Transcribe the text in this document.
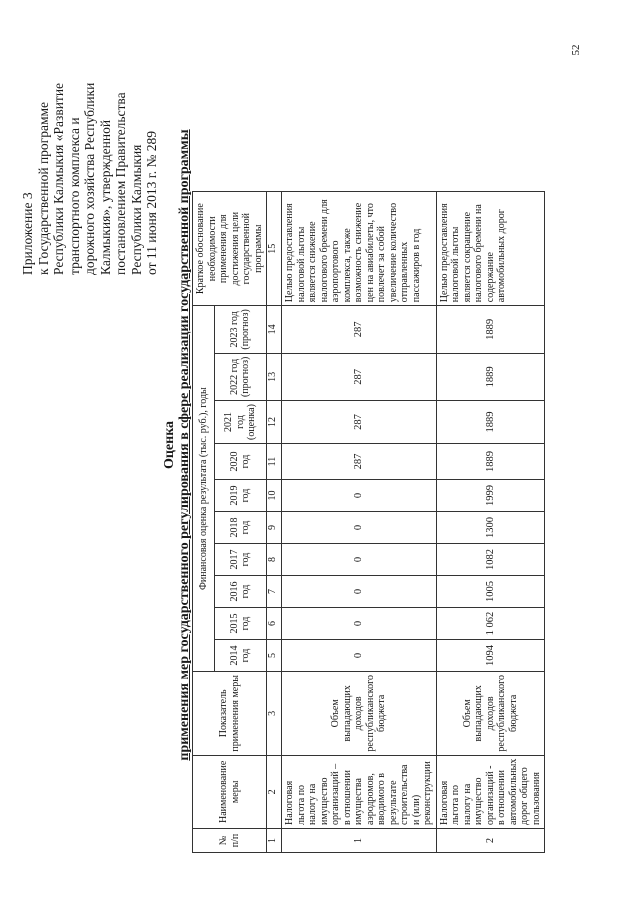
52
Приложение 3 к Государственной программе Республики Калмыкия «Развитие транспортного комплекса и дорожного хозяйства Республики Калмыкия», утвержденной постановлением Правительства Республики Калмыкия от 11 июня 2013 г. № 289
Оценка применения мер государственного регулирования в сфере реализации государственной программы
№ п/п	Наименование меры	Показатель применения меры	Финансовая оценка результата (тыс. руб.), годы										Краткое обоснование необходимости применения для достижения цели государственной программы
			2014 год	2015 год	2016 год	2017 год	2018 год	2019 год	2020 год	2021 год (оценка)	2022 год (прогноз)	2023 год (прогноз)	
1	2	3	5	6	7	8	9	10	11	12	13	14	15
1	Налоговая льгота по налогу на имущество организаций – в отношении имущества аэродромов, вводимого в результате строительства и (или) реконструкции	Объем выпадающих доходов республиканского бюджета	0	0	0	0	0	0	287	287	287	287	Целью предоставления налоговой льготы является снижение налогового бремени для аэропортового комплекса, также возможность снижение цен на авиабилеты, что повлечет за собой увеличение количество отправленных пассажиров в год
2	Налоговая льгота по налогу на имущество организаций - в отношении автомобильных дорог общего пользования	Объем выпадающих доходов республиканского бюджета	1094	1 062	1005	1082	1300	1999	1889	1889	1889	1889	Целью предоставления налоговой льготы является сокращение налогового бремени на содержание автомобильных дорог
